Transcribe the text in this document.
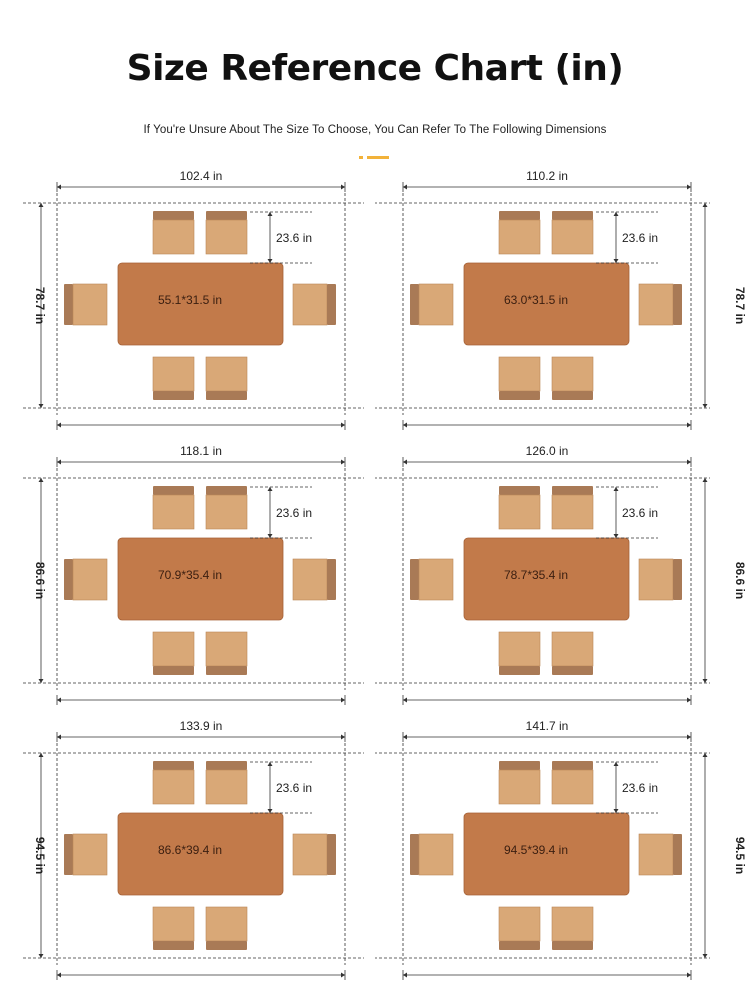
Size Reference Chart (in)
If You're Unsure About The Size To Choose, You Can Refer To The Following Dimensions
102.4 in
78.7 in	55.1*31.5 in
23.6 in
110.2 in
78.7 in
63.0*31.5 in
23.6 in
118.1 in
86.6 in	70.9*35.4 in
23.6 in
126.0 in
86.6 in
78.7*35.4 in
23.6 in
133.9 in
94.5 in	86.6*39.4 in
23.6 in
141.7 in
94.5 in
94.5*39.4 in
23.6 in
